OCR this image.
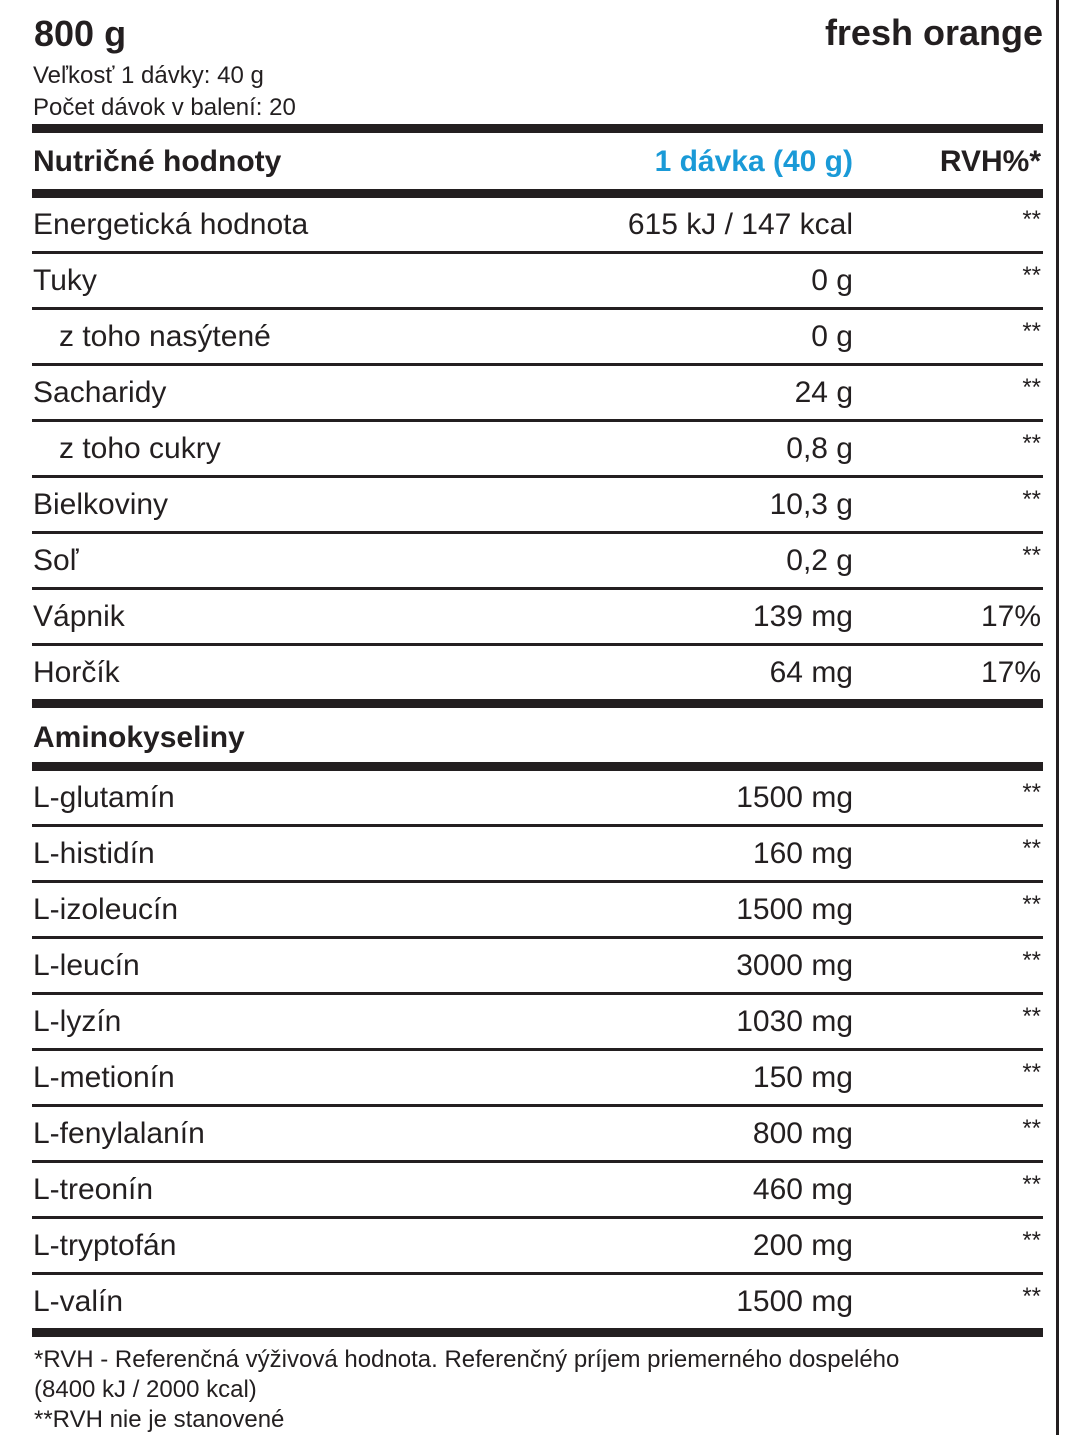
800 g	fresh orange
Veľkosť 1 dávky: 40 g
Počet dávok v balení: 20
Nutričné hodnoty	1 dávka (40 g)	RVH%*
Energetická hodnota	615 kJ / 147 kcal	**
Tuky	0 g	**
z toho nasýtené	0 g	**
Sacharidy	24 g	**
z toho cukry	0,8 g	**
Bielkoviny	10,3 g	**
Soľ	0,2 g	**
Vápnik	139 mg	17%
Horčík	64 mg	17%
Aminokyseliny
L-glutamín	1500 mg	**
L-histidín	160 mg	**
L-izoleucín	1500 mg	**
L-leucín	3000 mg	**
L-lyzín	1030 mg	**
L-metionín	150 mg	**
L-fenylalanín	800 mg	**
L-treonín	460 mg	**
L-tryptofán	200 mg	**
L-valín	1500 mg	**
*RVH - Referenčná výživová hodnota. Referenčný príjem priemerného dospelého
(8400 kJ / 2000 kcal)
**RVH nie je stanovené
